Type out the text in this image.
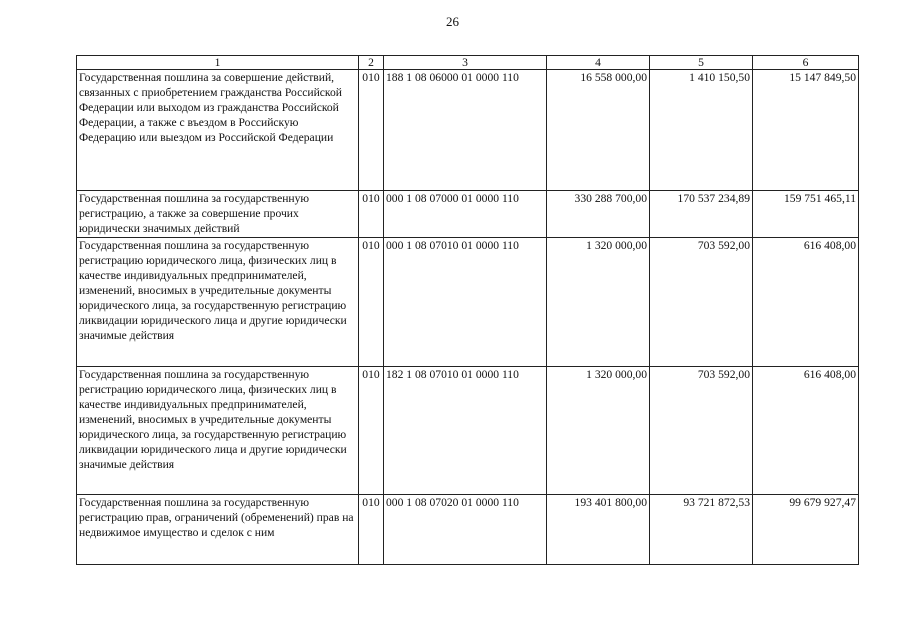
26
1	2	3	4	5	6
Государственная пошлина за совершение действий, связанных с приобретением гражданства Российской Федерации или выходом из гражданства Российской Федерации, а также с въездом в Российскую Федерацию или выездом из Российской Федерации	010	188 1 08 06000 01 0000 110	16 558 000,00	1 410 150,50	15 147 849,50
Государственная пошлина за государственную регистрацию, а также за совершение прочих юридически значимых действий	010	000 1 08 07000 01 0000 110	330 288 700,00	170 537 234,89	159 751 465,11
Государственная пошлина за государственную регистрацию юридического лица, физических лиц в качестве индивидуальных предпринимателей, изменений, вносимых в учредительные документы юридического лица, за государственную регистрацию ликвидации юридического лица и другие юридически значимые действия	010	000 1 08 07010 01 0000 110	1 320 000,00	703 592,00	616 408,00
Государственная пошлина за государственную регистрацию юридического лица, физических лиц в качестве индивидуальных предпринимателей, изменений, вносимых в учредительные документы юридического лица, за государственную регистрацию ликвидации юридического лица и другие юридически значимые действия	010	182 1 08 07010 01 0000 110	1 320 000,00	703 592,00	616 408,00
Государственная пошлина за государственную регистрацию прав, ограничений (обременений) прав на недвижимое имущество и сделок с ним	010	000 1 08 07020 01 0000 110	193 401 800,00	93 721 872,53	99 679 927,47
